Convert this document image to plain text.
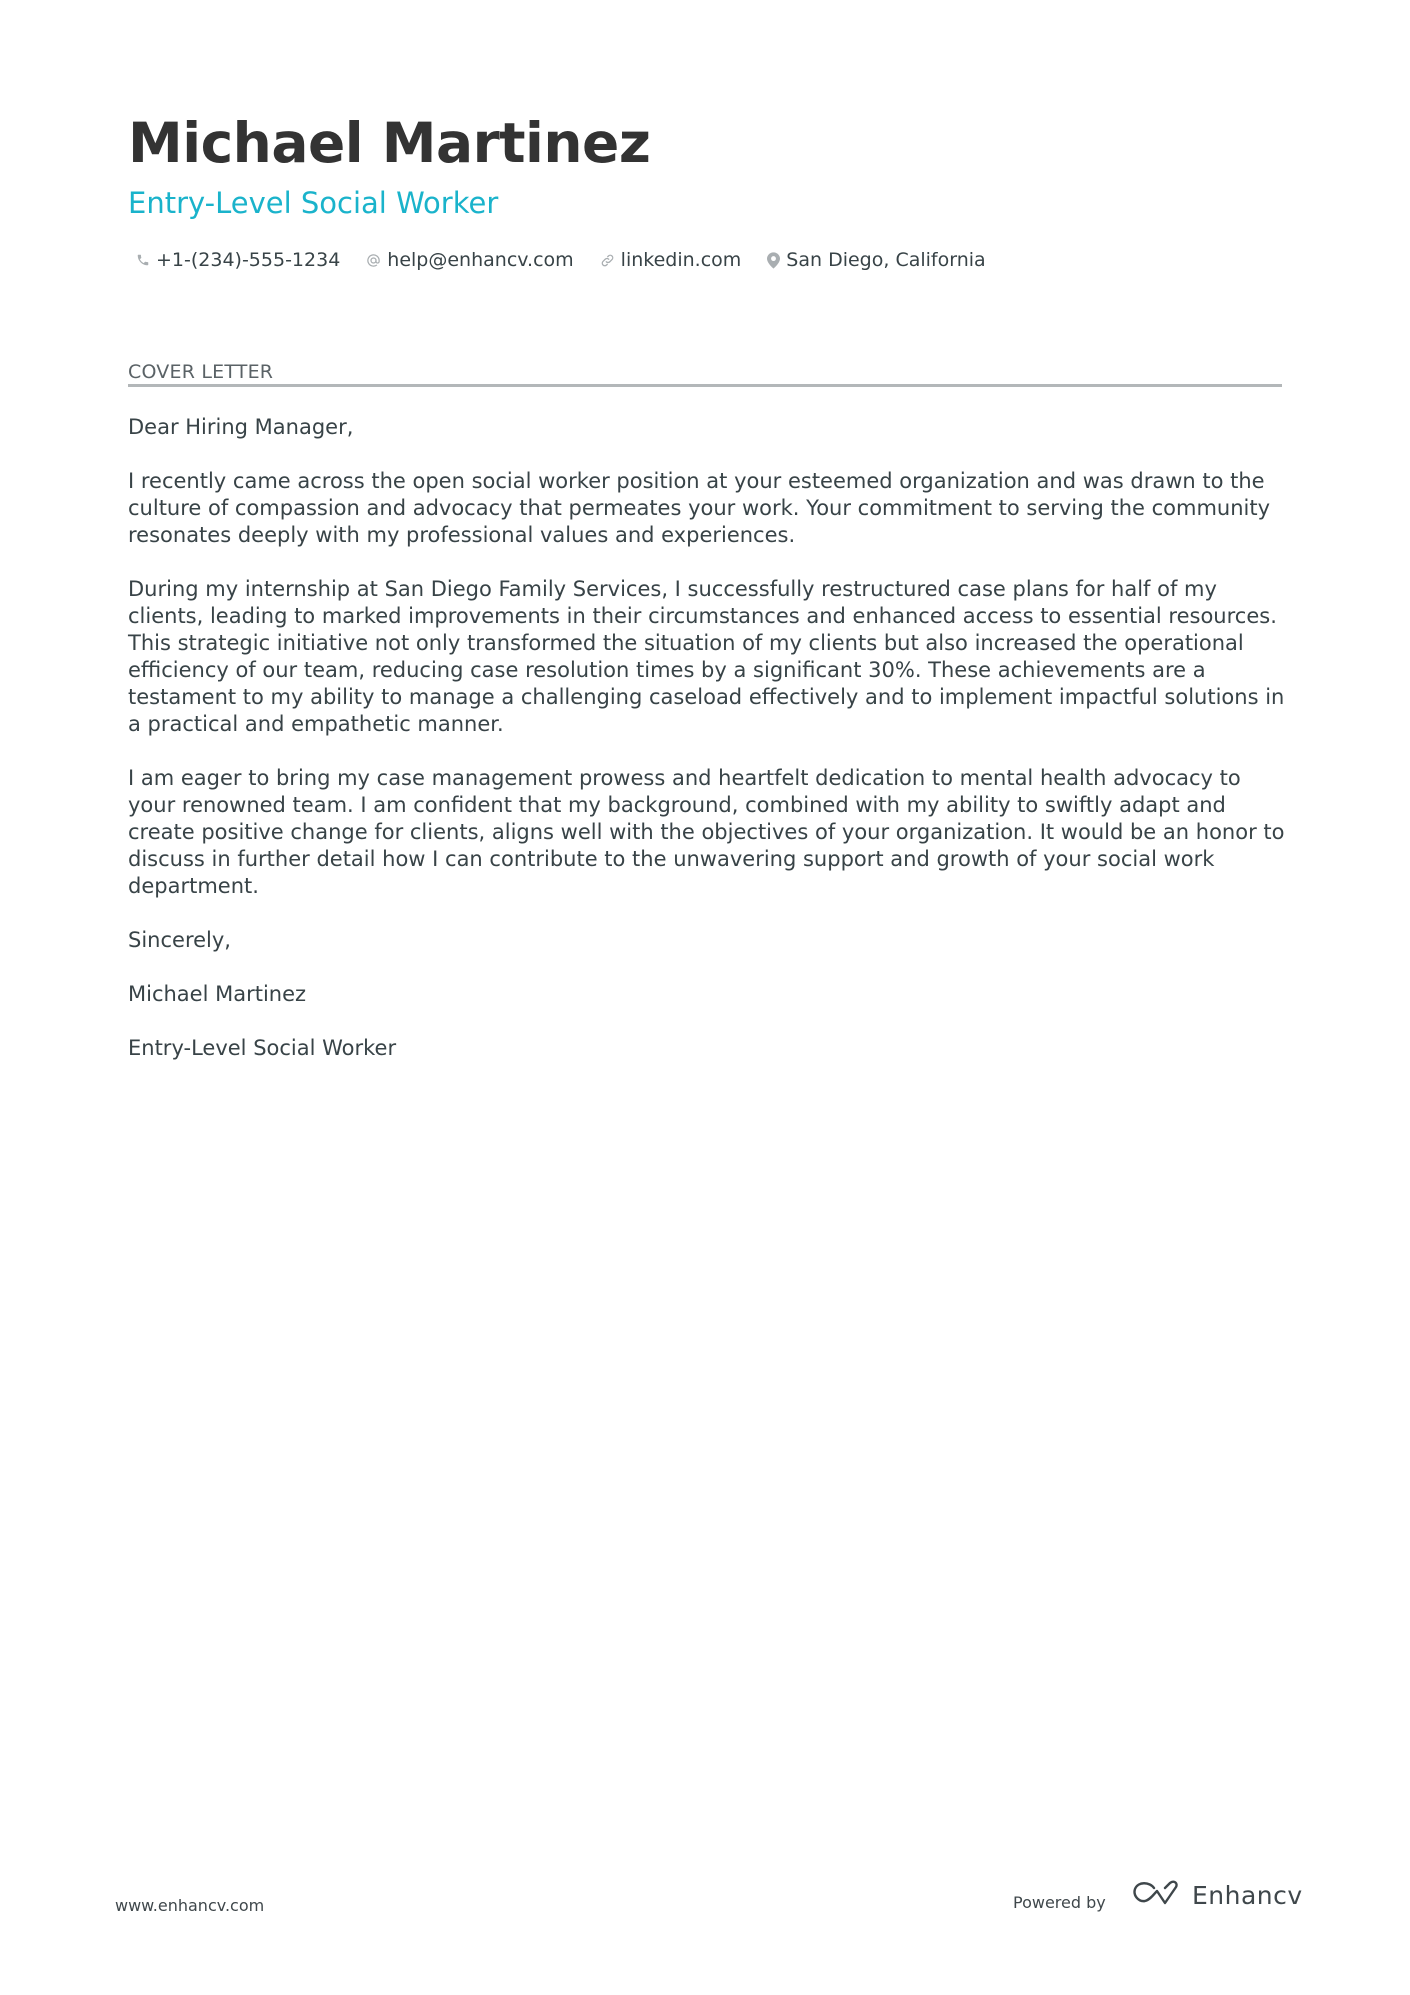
Michael Martinez
Entry-Level Social Worker
+1-(234)-555-1234 help@enhancv.com linkedin.com San Diego, California
COVER LETTER

Dear Hiring Manager,

I recently came across the open social worker position at your esteemed organization and was drawn to the culture of compassion and advocacy that permeates your work. Your commitment to serving the community resonates deeply with my professional values and experiences.

During my internship at San Diego Family Services, I successfully restructured case plans for half of my clients, leading to marked improvements in their circumstances and enhanced access to essential resources. This strategic initiative not only transformed the situation of my clients but also increased the operational efficiency of our team, reducing case resolution times by a significant 30%. These achievements are a testament to my ability to manage a challenging caseload effectively and to implement impactful solutions in a practical and empathetic manner.

I am eager to bring my case management prowess and heartfelt dedication to mental health advocacy to your renowned team. I am confident that my background, combined with my ability to swiftly adapt and create positive change for clients, aligns well with the objectives of your organization. It would be an honor to discuss in further detail how I can contribute to the unwavering support and growth of your social work department.

Sincerely,

Michael Martinez

Entry-Level Social Worker

www.enhancv.com	Powered by	Enhancv
